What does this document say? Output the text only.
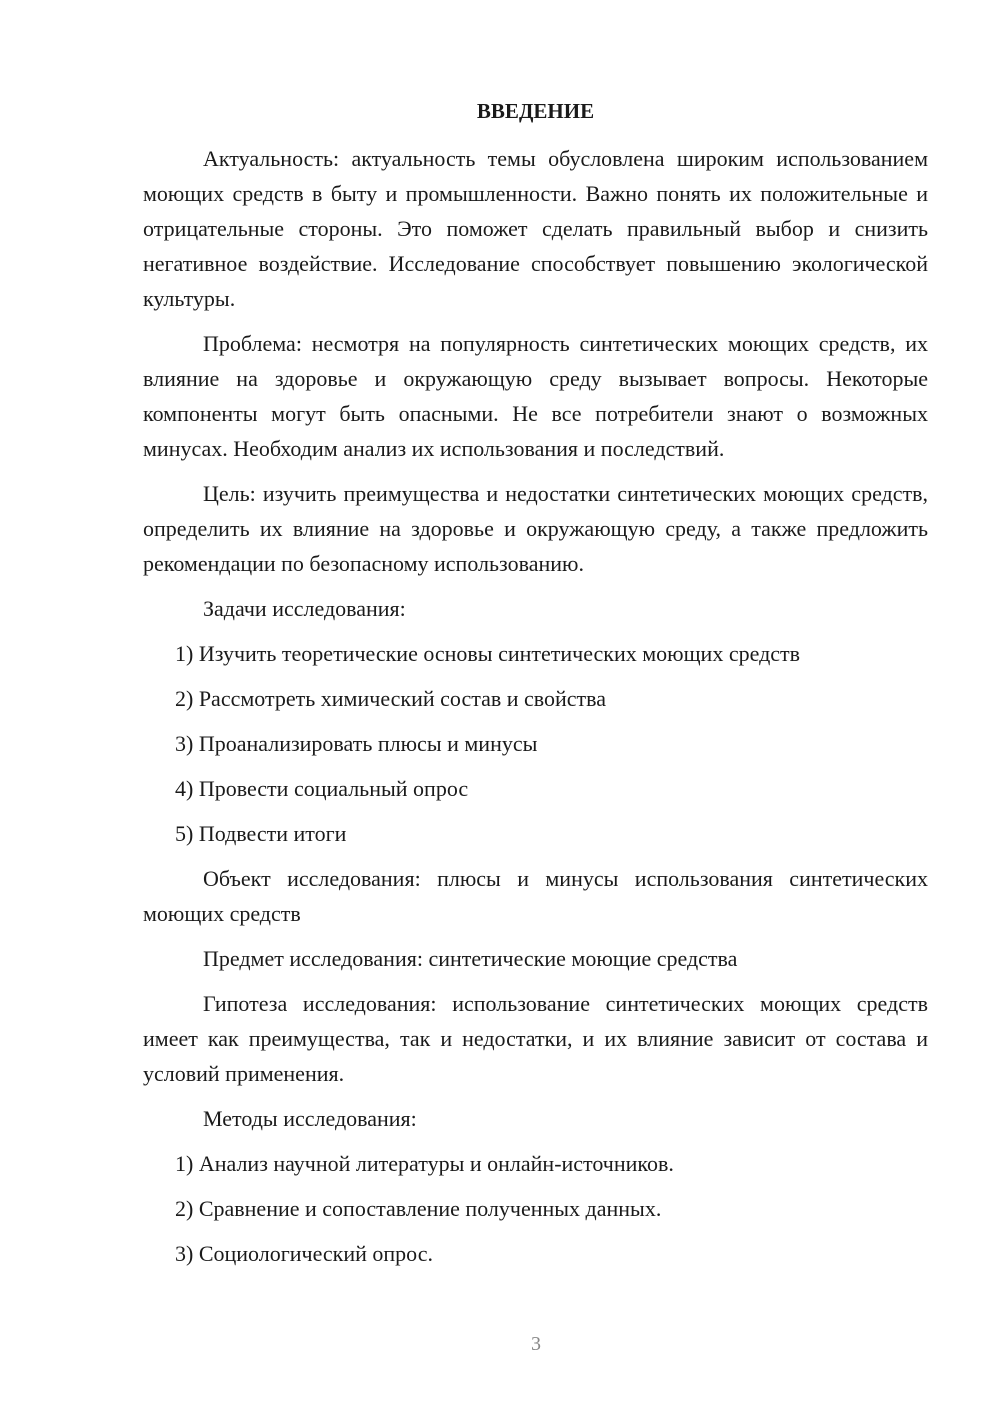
ВВЕДЕНИЕ

Актуальность: актуальность темы обусловлена широким использованием моющих средств в быту и промышленности. Важно понять их положительные и отрицательные стороны. Это поможет сделать правильный выбор и снизить негативное воздействие. Исследование способствует повышению экологической культуры.

Проблема: несмотря на популярность синтетических моющих средств, их влияние на здоровье и окружающую среду вызывает вопросы. Некоторые компоненты могут быть опасными. Не все потребители знают о возможных минусах. Необходим анализ их использования и последствий.

Цель: изучить преимущества и недостатки синтетических моющих средств, определить их влияние на здоровье и окружающую среду, а также предложить рекомендации по безопасному использованию.

Задачи исследования:

1) Изучить теоретические основы синтетических моющих средств
2) Рассмотреть химический состав и свойства
3) Проанализировать плюсы и минусы
4) Провести социальный опрос
5) Подвести итоги

Объект исследования: плюсы и минусы использования синтетических моющих средств

Предмет исследования: синтетические моющие средства

Гипотеза исследования: использование синтетических моющих средств имеет как преимущества, так и недостатки, и их влияние зависит от состава и условий применения.

Методы исследования:

1) Анализ научной литературы и онлайн-источников.
2) Сравнение и сопоставление полученных данных.
3) Социологический опрос.
3
